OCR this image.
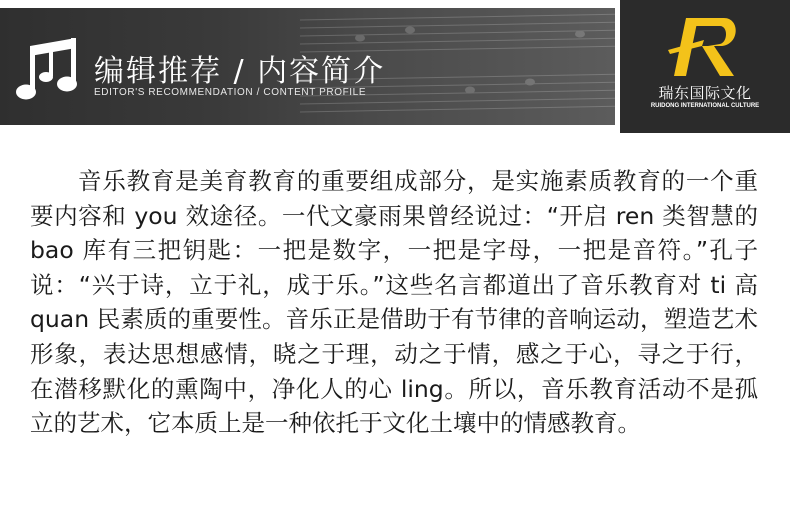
编辑推荐 / 内容简介
EDITOR'S RECOMMENDATION / CONTENT PROFILE	瑞东国际文化
RUIDONG INTERNATIONAL CULTURE

音乐教育是美育教育的重要组成部分，是实施素质教育的一个重要内容和 you 效途径。一代文豪雨果曾经说过：“开启 ren 类智慧的 bao 库有三把钥匙：一把是数字，一把是字母，一把是音符。”孔子说：“兴于诗，立于礼，成于乐。”这些名言都道出了音乐教育对 ti 高 quan 民素质的重要性。音乐正是借助于有节律的音响运动，塑造艺术形象，表达思想感情，晓之于理，动之于情，感之于心，寻之于行，在潜移默化的熏陶中，净化人的心 ling。所以，音乐教育活动不是孤立的艺术，它本质上是一种依托于文化土壤中的情感教育。
